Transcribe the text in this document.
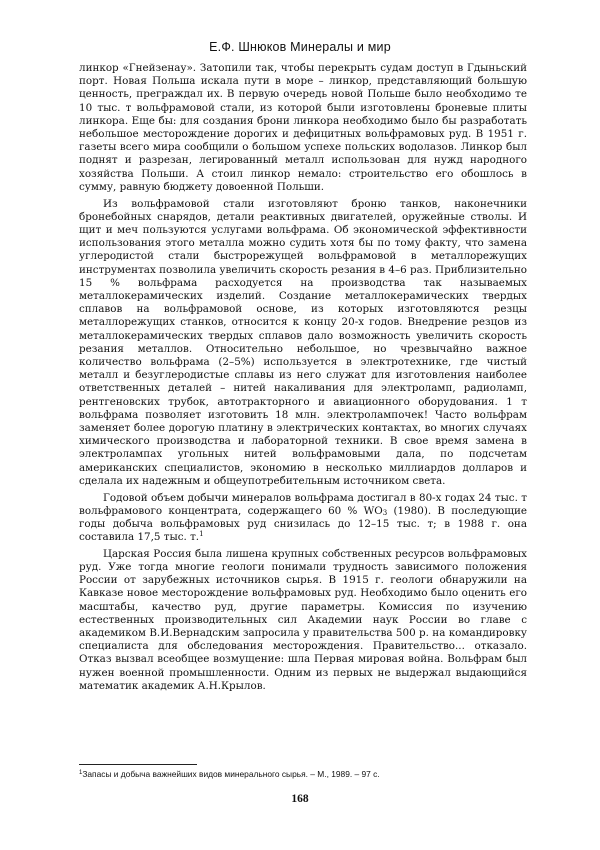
Е.Ф. Шнюков Минералы и мир

линкор «Гнейзенау». Затопили так, чтобы перекрыть судам доступ в Гдыньский порт. Новая Польша искала пути в море – линкор, представляющий большую ценность, преграждал их. В первую очередь новой Польше было необходимо те 10 тыс. т вольфрамовой стали, из которой были изготовлены броневые плиты линкора. Еще бы: для создания брони линкора необходимо было бы разработать небольшое месторождение дорогих и дефицитных вольфрамовых руд. В 1951 г. газеты всего мира сообщили о большом успехе польских водолазов. Линкор был поднят и разрезан, легированный металл использован для нужд народного хозяйства Польши. А стоил линкор немало: строительство его обошлось в сумму, равную бюджету довоенной Польши.

Из вольфрамовой стали изготовляют броню танков, наконечники бронебойных снарядов, детали реактивных двигателей, оружейные стволы. И щит и меч пользуются услугами вольфрама. Об экономической эффективности использования этого металла можно судить хотя бы по тому факту, что замена углеродистой стали быстрорежущей вольфрамовой в металлорежущих инструментах позволила увеличить скорость резания в 4–6 раз. Приблизительно 15 % вольфрама расходуется на производства так называемых металлокерамических изделий. Создание металлокерамических твердых сплавов на вольфрамовой основе, из которых изготовляются резцы металлорежущих станков, относится к концу 20-х годов. Внедрение резцов из металлокерамических твердых сплавов дало возможность увеличить скорость резания металлов. Относительно небольшое, но чрезвычайно важное количество вольфрама (2–5%) используется в электротехнике, где чистый металл и безуглеродистые сплавы из него служат для изготовления наиболее ответственных деталей – нитей накаливания для электроламп, радиоламп, рентгеновских трубок, автотракторного и авиационного оборудования. 1 т вольфрама позволяет изготовить 18 млн. электролампочек! Часто вольфрам заменяет более дорогую платину в электрических контактах, во многих случаях химического производства и лабораторной техники. В свое время замена в электролампах угольных нитей вольфрамовыми дала, по подсчетам американских специалистов, экономию в несколько миллиардов долларов и сделала их надежным и общеупотребительным источником света.

Годовой объем добычи минералов вольфрама достигал в 80-х годах 24 тыс. т вольфрамового концентрата, содержащего 60 % $WO_3$ (1980). В последующие годы добыча вольфрамовых руд снизилась до 12–15 тыс. т; в 1988 г. она составила 17,5 тыс. т.$^1$

Царская Россия была лишена крупных собственных ресурсов вольфрамовых руд. Уже тогда многие геологи понимали трудность зависимого положения России от зарубежных источников сырья. В 1915 г. геологи обнаружили на Кавказе новое месторождение вольфрамовых руд. Необходимо было оценить его масштабы, качество руд, другие параметры. Комиссия по изучению естественных производительных сил Академии наук России во главе с академиком В.И.Вернадским запросила у правительства 500 р. на командировку специалиста для обследования месторождения. Правительство... отказало. Отказ вызвал всеобщее возмущение: шла Первая мировая война. Вольфрам был нужен военной промышленности. Одним из первых не выдержал выдающийся математик академик А.Н.Крылов.

$^1$Запасы и добыча важнейших видов минерального сырья. – М., 1989. – 97 с.
168
